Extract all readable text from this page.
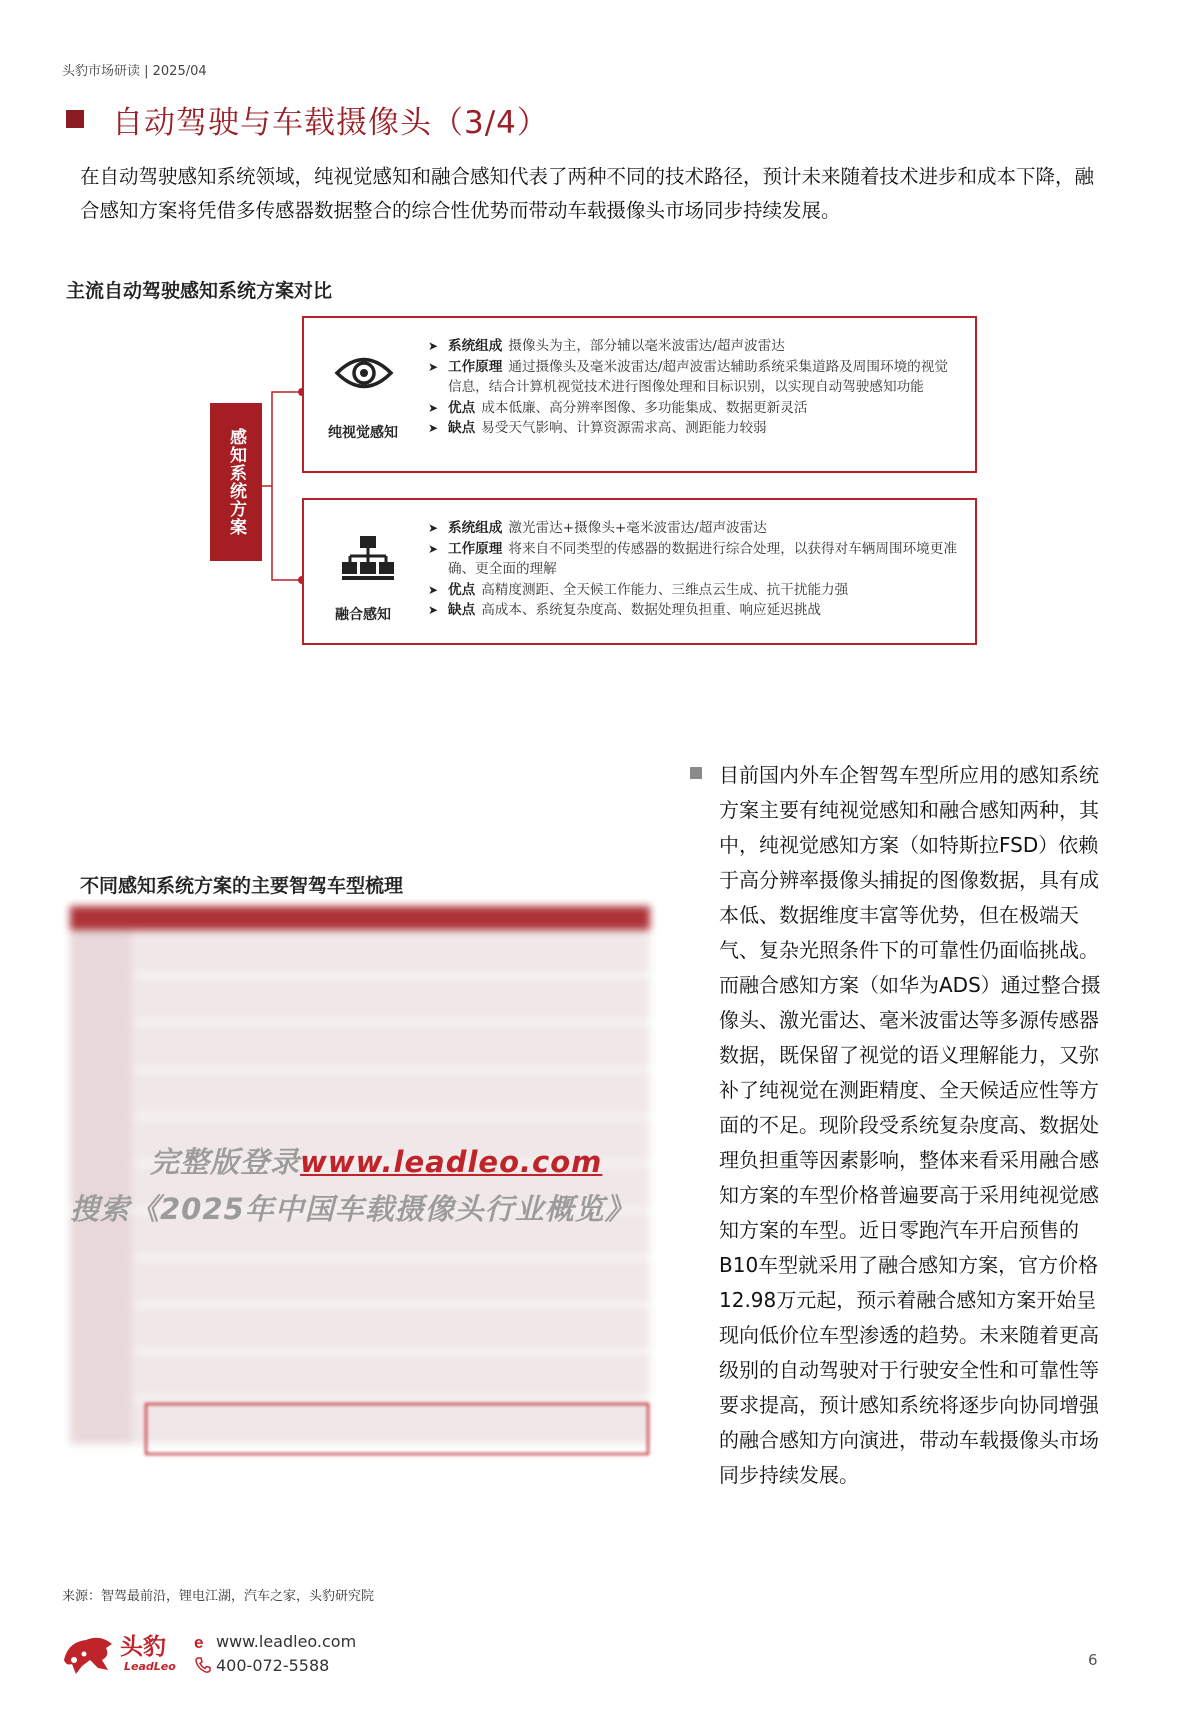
头豹市场研读 | 2025/04
自动驾驶与车载摄像头（3/4）
在自动驾驶感知系统领域，纯视觉感知和融合感知代表了两种不同的技术路径，预计未来随着技术进步和成本下降，融合感知方案将凭借多传感器数据整合的综合性优势而带动车载摄像头市场同步持续发展。
主流自动驾驶感知系统方案对比
感知系统方案	纯视觉感知
➤ 系统组成 摄像头为主，部分辅以毫米波雷达/超声波雷达
➤ 工作原理 通过摄像头及毫米波雷达/超声波雷达辅助系统采集道路及周围环境的视觉信息，结合计算机视觉技术进行图像处理和目标识别，以实现自动驾驶感知功能
➤ 优点 成本低廉、高分辨率图像、多功能集成、数据更新灵活
➤ 缺点 易受天气影响、计算资源需求高、测距能力较弱
融合感知
➤ 系统组成 激光雷达+摄像头+毫米波雷达/超声波雷达
➤ 工作原理 将来自不同类型的传感器的数据进行综合处理，以获得对车辆周围环境更准确、更全面的理解
➤ 优点 高精度测距、全天候工作能力、三维点云生成、抗干扰能力强
➤ 缺点 高成本、系统复杂度高、数据处理负担重、响应延迟挑战
不同感知系统方案的主要智驾车型梳理

完整版登录www.leadleo.com
搜索《2025年中国车载摄像头行业概览》
目前国内外车企智驾车型所应用的感知系统方案主要有纯视觉感知和融合感知两种，其中，纯视觉感知方案（如特斯拉FSD）依赖于高分辨率摄像头捕捉的图像数据，具有成本低、数据维度丰富等优势，但在极端天气、复杂光照条件下的可靠性仍面临挑战。而融合感知方案（如华为ADS）通过整合摄像头、激光雷达、毫米波雷达等多源传感器数据，既保留了视觉的语义理解能力，又弥补了纯视觉在测距精度、全天候适应性等方面的不足。现阶段受系统复杂度高、数据处理负担重等因素影响，整体来看采用融合感知方案的车型价格普遍要高于采用纯视觉感知方案的车型。近日零跑汽车开启预售的B10车型就采用了融合感知方案，官方价格12.98万元起，预示着融合感知方案开始呈现向低价位车型渗透的趋势。未来随着更高级别的自动驾驶对于行驶安全性和可靠性等要求提高，预计感知系统将逐步向协同增强的融合感知方向演进，带动车载摄像头市场同步持续发展。
来源：智驾最前沿，锂电江湖，汽车之家，头豹研究院
头豹
LeadLeo
e www.leadleo.com
400-072-5588	6
